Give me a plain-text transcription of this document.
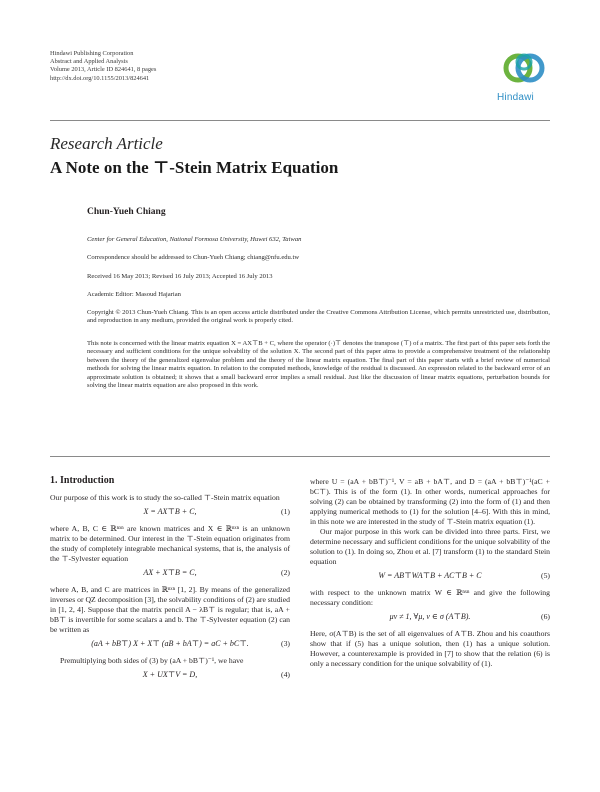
Hindawi Publishing Corporation
Abstract and Applied Analysis
Volume 2013, Article ID 824641, 8 pages
http://dx.doi.org/10.1155/2013/824641
Hindawi
Research Article
A Note on the ⊤-Stein Matrix Equation
Chun-Yueh Chiang
Center for General Education, National Formosa University, Huwei 632, Taiwan
Correspondence should be addressed to Chun-Yueh Chiang; chiang@nfu.edu.tw
Received 16 May 2013; Revised 16 July 2013; Accepted 16 July 2013
Academic Editor: Masoud Hajarian
Copyright © 2013 Chun-Yueh Chiang. This is an open access article distributed under the Creative Commons Attribution License, which permits unrestricted use, distribution, and reproduction in any medium, provided the original work is properly cited.
This note is concerned with the linear matrix equation X = AX⊤B + C, where the operator (·)⊤ denotes the transpose (⊤) of a matrix. The first part of this paper sets forth the necessary and sufficient conditions for the unique solvability of the solution X. The second part of this paper aims to provide a comprehensive treatment of the relationship between the theory of the generalized eigenvalue problem and the theory of the linear matrix equation. The final part of this paper starts with a brief review of numerical methods for solving the linear matrix equation. In relation to the computed methods, knowledge of the residual is discussed. An expression related to the backward error of an approximate solution is obtained; it shows that a small backward error implies a small residual. Just like the discussion of linear matrix equations, perturbation bounds for solving the linear matrix equation are also proposed in this work.
1. Introduction

Our purpose of this work is to study the so-called ⊤-Stein matrix equation

X = AX⊤B + C,	(1)

where A, B, C ∈ ℝⁿˣⁿ are known matrices and X ∈ ℝⁿˣⁿ is an unknown matrix to be determined. Our interest in the ⊤-Stein equation originates from the study of completely integrable mechanical systems, that is, the analysis of the ⊤-Sylvester equation

AX + X⊤B = C,	(2)

where A, B, and C are matrices in ℝⁿˣⁿ [1, 2]. By means of the generalized inverses or QZ decomposition [3], the solvability conditions of (2) are studied in [1, 2, 4]. Suppose that the matrix pencil A − λB⊤ is regular; that is, aA + bB⊤ is invertible for some scalars a and b. The ⊤-Sylvester equation (2) can be written as

(aA + bB⊤) X + X⊤ (aB + bA⊤) = aC + bC⊤.	(3)

Premultiplying both sides of (3) by (aA + bB⊤)⁻¹, we have

X + UX⊤V = D,	(4)

where U = (aA + bB⊤)⁻¹, V = aB + bA⊤, and D = (aA + bB⊤)⁻¹(aC + bC⊤). This is of the form (1). In other words, numerical approaches for solving (2) can be obtained by transforming (2) into the form of (1) and then applying numerical methods to (1) for the solution [4–6]. With this in mind, in this note we are interested in the study of ⊤-Stein matrix equation (1).

Our major purpose in this work can be divided into three parts. First, we determine necessary and sufficient conditions for the unique solvability of the solution to (1). In doing so, Zhou et al. [7] transform (1) to the standard Stein equation

W = AB⊤WA⊤B + AC⊤B + C	(5)

with respect to the unknown matrix W ∈ ℝⁿˣⁿ and give the following necessary condition:

μν ≠ 1, ∀μ, ν ∈ σ (A⊤B).	(6)

Here, σ(A⊤B) is the set of all eigenvalues of A⊤B. Zhou and his coauthors show that if (5) has a unique solution, then (1) has a unique solution. However, a counterexample is provided in [7] to show that the relation (6) is only a necessary condition for the unique solvability of (1).
